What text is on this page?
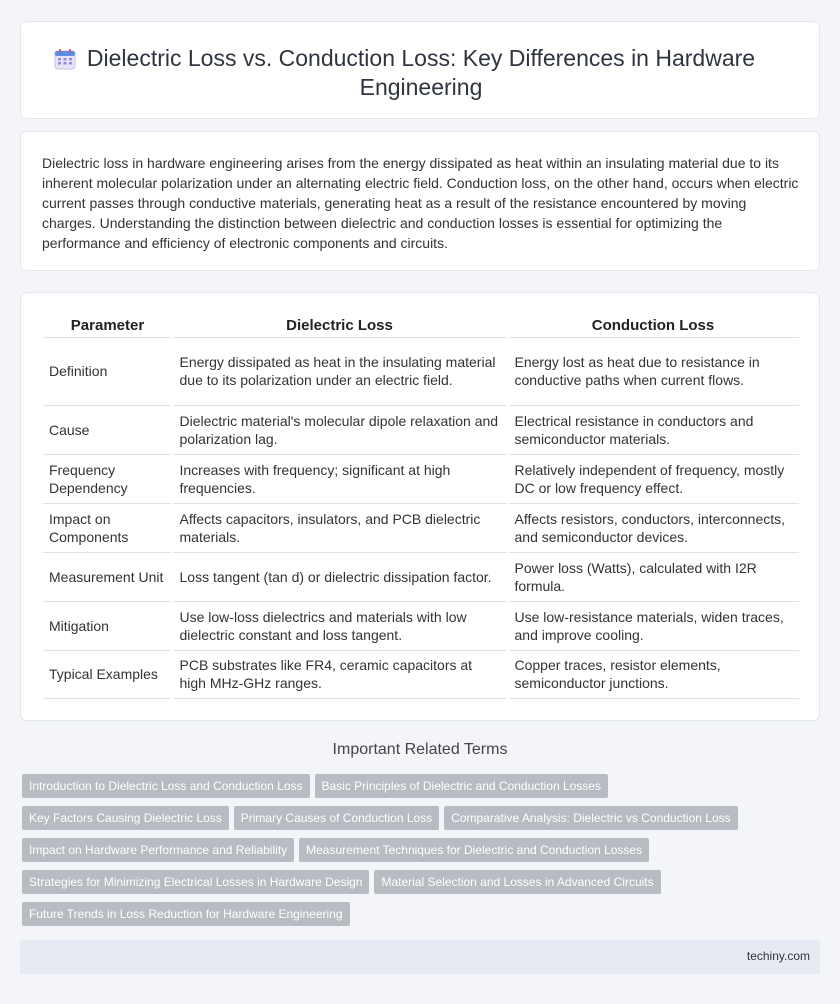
Dielectric Loss vs. Conduction Loss: Key Differences in Hardware Engineering

Dielectric loss in hardware engineering arises from the energy dissipated as heat within an insulating material due to its inherent molecular polarization under an alternating electric field. Conduction loss, on the other hand, occurs when electric current passes through conductive materials, generating heat as a result of the resistance encountered by moving charges. Understanding the distinction between dielectric and conduction losses is essential for optimizing the performance and efficiency of electronic components and circuits.

Parameter	Dielectric Loss	Conduction Loss
Definition	Energy dissipated as heat in the insulating material due to its polarization under an electric field.	Energy lost as heat due to resistance in conductive paths when current flows.
Cause	Dielectric material's molecular dipole relaxation and polarization lag.	Electrical resistance in conductors and semiconductor materials.
Frequency Dependency	Increases with frequency; significant at high frequencies.	Relatively independent of frequency, mostly DC or low frequency effect.
Impact on Components	Affects capacitors, insulators, and PCB dielectric materials.	Affects resistors, conductors, interconnects, and semiconductor devices.
Measurement Unit	Loss tangent (tan d) or dielectric dissipation factor.	Power loss (Watts), calculated with I2R formula.
Mitigation	Use low-loss dielectrics and materials with low dielectric constant and loss tangent.	Use low-resistance materials, widen traces, and improve cooling.
Typical Examples	PCB substrates like FR4, ceramic capacitors at high MHz-GHz ranges.	Copper traces, resistor elements, semiconductor junctions.
Important Related Terms
Introduction to Dielectric Loss and Conduction Loss Basic Principles of Dielectric and Conduction Losses
Key Factors Causing Dielectric Loss Primary Causes of Conduction Loss Comparative Analysis: Dielectric vs Conduction Loss
Impact on Hardware Performance and Reliability Measurement Techniques for Dielectric and Conduction Losses
Strategies for Minimizing Electrical Losses in Hardware Design Material Selection and Losses in Advanced Circuits
Future Trends in Loss Reduction for Hardware Engineering
techiny.com
